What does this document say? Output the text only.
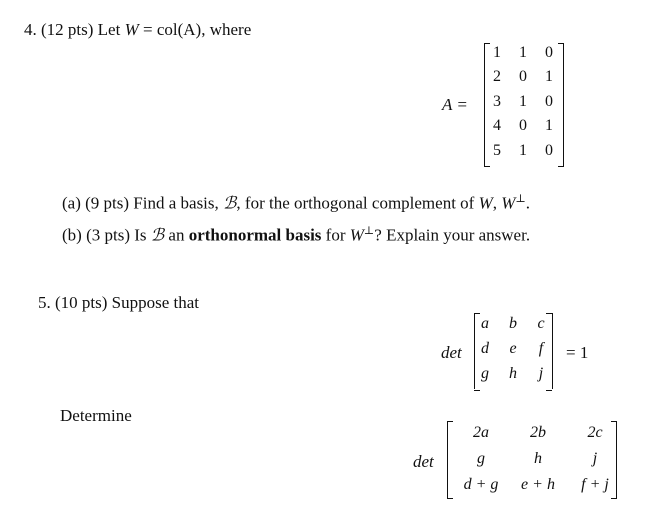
4. (12 pts) Let W = col(A), where
A =
1	1	0
2	0	1
3	1	0
4	0	1
5	1	0
(a) (9 pts) Find a basis, ℬ, for the orthogonal complement of W, W⊥.
(b) (3 pts) Is ℬ an orthonormal basis for W⊥? Explain your answer.
5. (10 pts) Suppose that
det
a	b	c
d	e	f
g	h	j
= 1
Determine
det
2a	2b	2c
g	h	j
d + g	e + h	f + j
